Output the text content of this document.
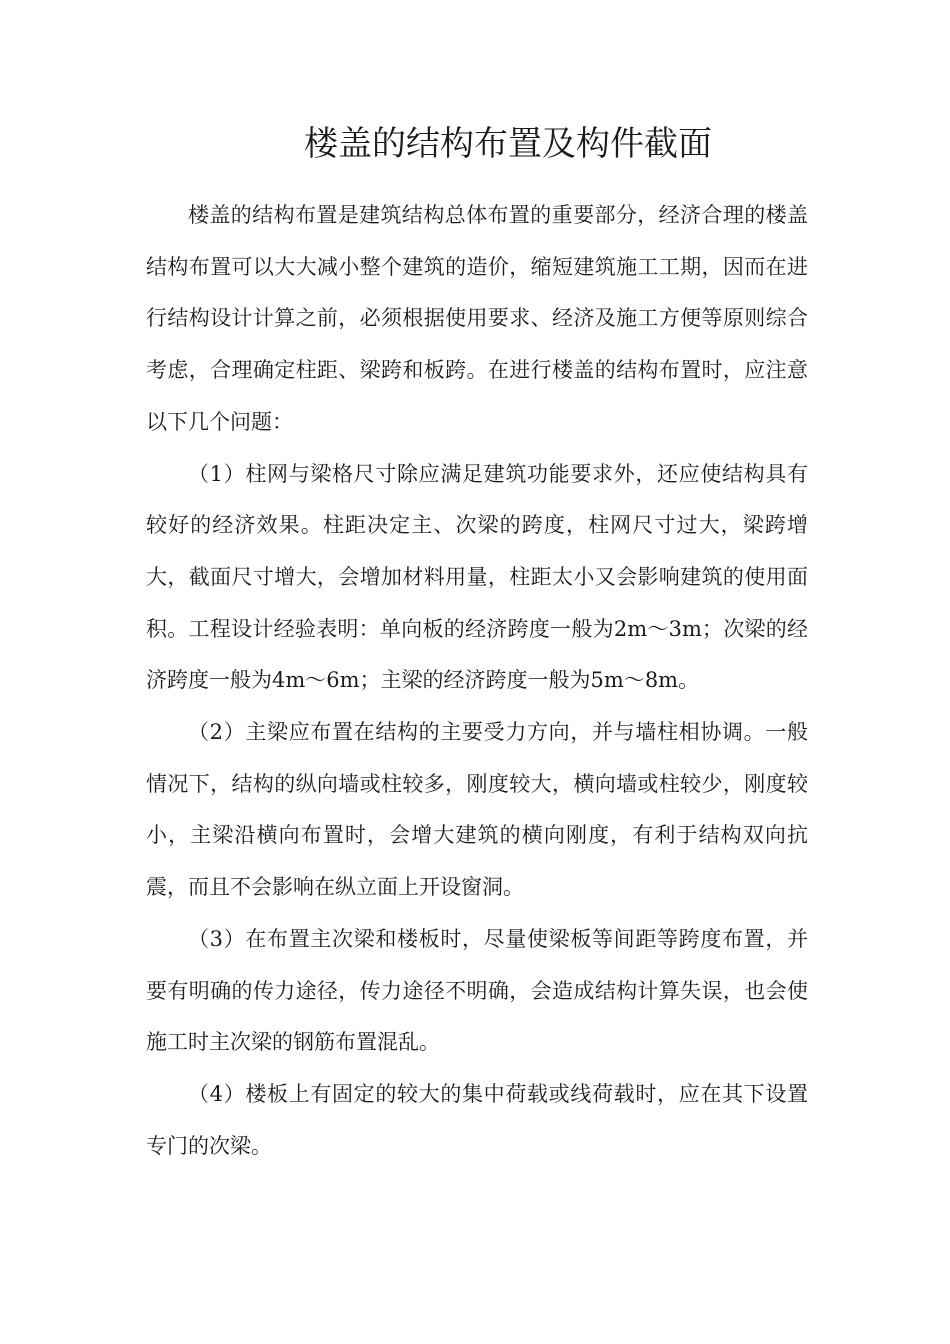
楼盖的结构布置及构件截面

楼盖的结构布置是建筑结构总体布置的重要部分，经济合理的楼盖结构布置可以大大减小整个建筑的造价，缩短建筑施工工期，因而在进行结构设计计算之前，必须根据使用要求、经济及施工方便等原则综合考虑，合理确定柱距、梁跨和板跨。在进行楼盖的结构布置时，应注意以下几个问题：

（1）柱网与梁格尺寸除应满足建筑功能要求外，还应使结构具有较好的经济效果。柱距决定主、次梁的跨度，柱网尺寸过大，梁跨增大，截面尺寸增大，会增加材料用量，柱距太小又会影响建筑的使用面积。工程设计经验表明：单向板的经济跨度一般为2m～3m；次梁的经济跨度一般为4m～6m；主梁的经济跨度一般为5m～8m。

（2）主梁应布置在结构的主要受力方向，并与墙柱相协调。一般情况下，结构的纵向墙或柱较多，刚度较大，横向墙或柱较少，刚度较小，主梁沿横向布置时，会增大建筑的横向刚度，有利于结构双向抗震，而且不会影响在纵立面上开设窗洞。

（3）在布置主次梁和楼板时，尽量使梁板等间距等跨度布置，并要有明确的传力途径，传力途径不明确，会造成结构计算失误，也会使施工时主次梁的钢筋布置混乱。

（4）楼板上有固定的较大的集中荷载或线荷载时，应在其下设置专门的次梁。
